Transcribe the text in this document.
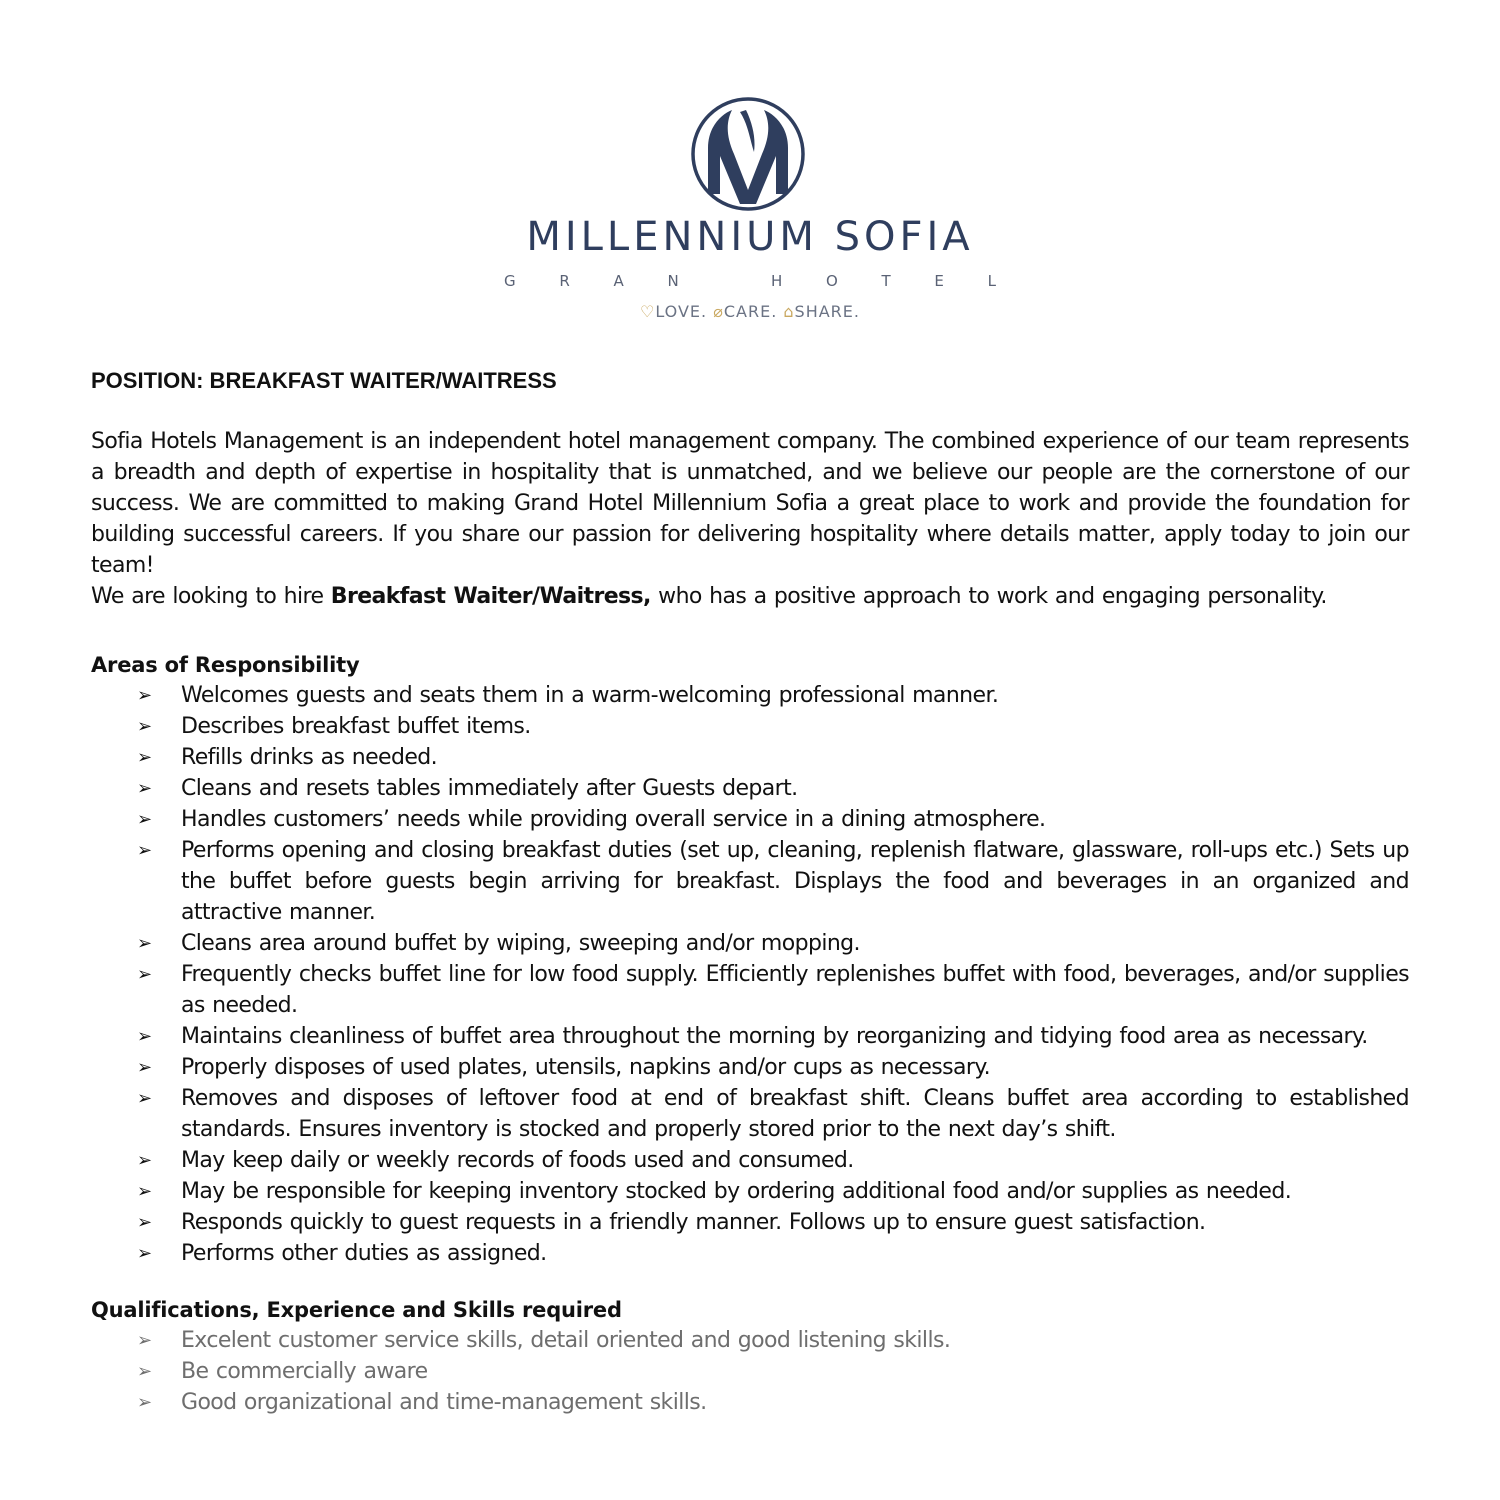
MILLENNIUM SOFIA
G	R	A	N
	H	O	T	E	L
♡LOVE. ⌀CARE. ⌂SHARE.
POSITION: BREAKFAST WAITER/WAITRESS

Sofia Hotels Management is an independent hotel management company. The combined experience of our team represents a breadth and depth of expertise in hospitality that is unmatched, and we believe our people are the cornerstone of our success. We are committed to making Grand Hotel Millennium Sofia a great place to work and provide the foundation for building successful careers. If you share our passion for delivering hospitality where details matter, apply today to join our team!

We are looking to hire Breakfast Waiter/Waitress, who has a positive approach to work and engaging personality.

Areas of Responsibility
➢ Welcomes guests and seats them in a warm-welcoming professional manner.
➢ Describes breakfast buffet items.
➢ Refills drinks as needed.
➢ Cleans and resets tables immediately after Guests depart.
➢ Handles customers’ needs while providing overall service in a dining atmosphere.
➢ Performs opening and closing breakfast duties (set up, cleaning, replenish flatware, glassware, roll-ups etc.) Sets up the buffet before guests begin arriving for breakfast. Displays the food and beverages in an organized and attractive manner.
➢ Cleans area around buffet by wiping, sweeping and/or mopping.
➢ Frequently checks buffet line for low food supply. Efficiently replenishes buffet with food, beverages, and/or supplies as needed.
➢ Maintains cleanliness of buffet area throughout the morning by reorganizing and tidying food area as necessary.
➢ Properly disposes of used plates, utensils, napkins and/or cups as necessary.
➢ Removes and disposes of leftover food at end of breakfast shift. Cleans buffet area according to established standards. Ensures inventory is stocked and properly stored prior to the next day’s shift.
➢ May keep daily or weekly records of foods used and consumed.
➢ May be responsible for keeping inventory stocked by ordering additional food and/or supplies as needed.
➢ Responds quickly to guest requests in a friendly manner. Follows up to ensure guest satisfaction.
➢ Performs other duties as assigned.
Qualifications, Experience and Skills required
➢ Excelent customer service skills, detail oriented and good listening skills.
➢ Be commercially aware
➢ Good organizational and time-management skills.
